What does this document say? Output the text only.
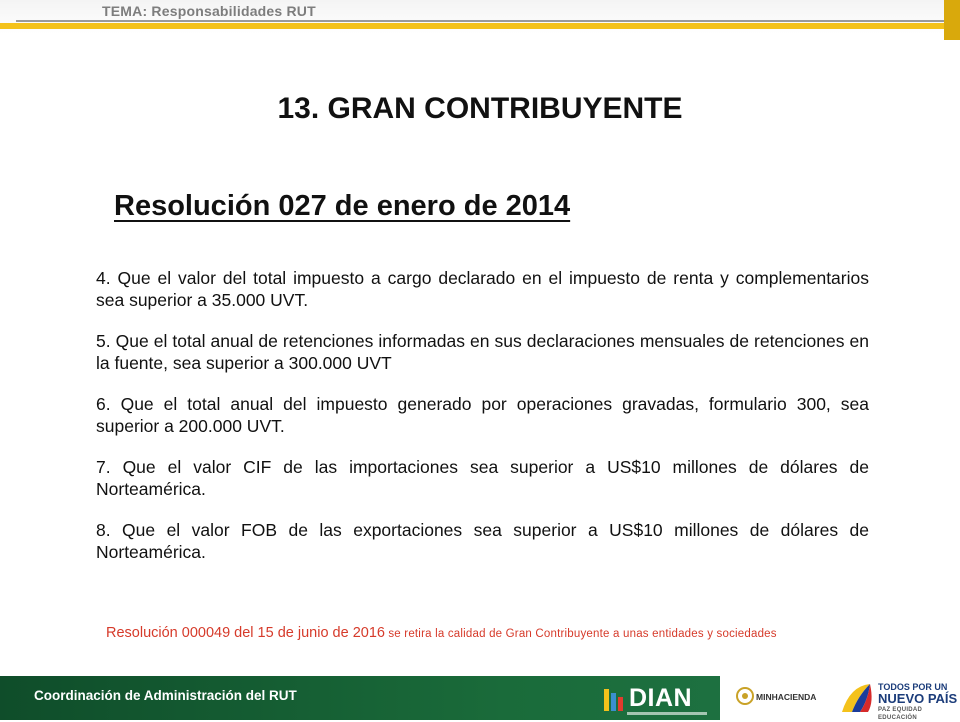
TEMA: Responsabilidades RUT
13. GRAN CONTRIBUYENTE
Resolución 027 de enero de 2014

4. Que el valor del total impuesto a cargo declarado en el impuesto de renta y complementarios sea superior a 35.000 UVT.

5. Que el total anual de retenciones informadas en sus declaraciones mensuales de retenciones en la fuente, sea superior a 300.000 UVT

6. Que el total anual del impuesto generado por operaciones gravadas, formulario 300, sea superior a 200.000 UVT.

7. Que el valor CIF de las importaciones sea superior a US$10 millones de dólares de Norteamérica.

8. Que el valor FOB de las exportaciones sea superior a US$10 millones de dólares de Norteamérica.

Resolución 000049 del 15 de junio de 2016 se retira la calidad de Gran Contribuyente a unas entidades y sociedades
Coordinación de Administración del RUT	DIAN	MINHACIENDA
TODOS POR UN
NUEVO PAÍS
PAZ EQUIDAD EDUCACIÓN
